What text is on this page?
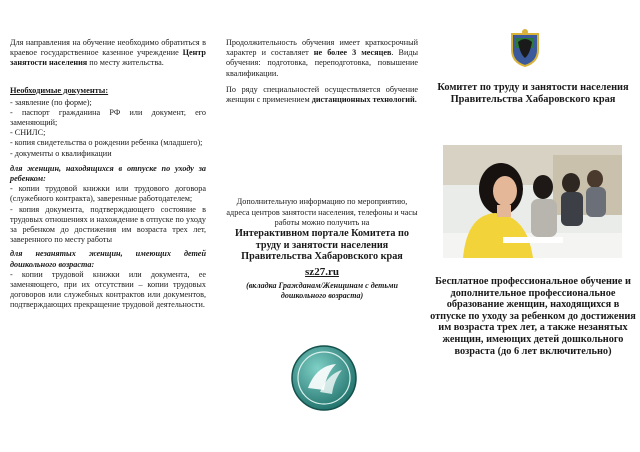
Для направления на обучение необходимо обратиться в краевое государственное казенное учреждение Центр занятости населения по месту жительства.

Необходимые документы:

- заявление (по форме);

- паспорт гражданина РФ или документ, его заменяющий;

- СНИЛС;

- копия свидетельства о рождении ребенка (младшего);

- документы о квалификации

для женщин, находящихся в отпуске по уходу за ребенком:

- копии трудовой книжки или трудового договора (служебного контракта), заверенные работодателем;

- копия документа, подтверждающего состояние в трудовых отношениях и нахождение в отпуске по уходу за ребенком до достижения им возраста трех лет, заверенного по месту работы

для незанятых женщин, имеющих детей дошкольного возраста:

- копии трудовой книжки или документа, ее заменяющего, при их отсутствии – копии трудовых договоров или служебных контрактов или документов, подтверждающих прекращение трудовой деятельности.

Продолжительность обучения имеет краткосрочный характер и составляет не более 3 месяцев. Виды обучения: подготовка, переподготовка, повышение квалификации.

По ряду специальностей осуществляется обучение женщин с применением дистанционных технологий.

Дополнительную информацию по мероприятию, адреса центров занятости населения, телефоны и часы работы можно получить на

Интерактивном портале Комитета по труду и занятости населения Правительства Хабаровского края

sz27.ru

(вкладка Гражданам/Женщинам с детьми дошкольного возраста)

Комитет по труду и занятости населения Правительства Хабаровского края
Бесплатное профессиональное обучение и дополнительное профессиональное образование женщин, находящихся в отпуске по уходу за ребенком до достижения им возраста трех лет, а также незанятых женщин, имеющих детей дошкольного возраста (до 6 лет включительно)
